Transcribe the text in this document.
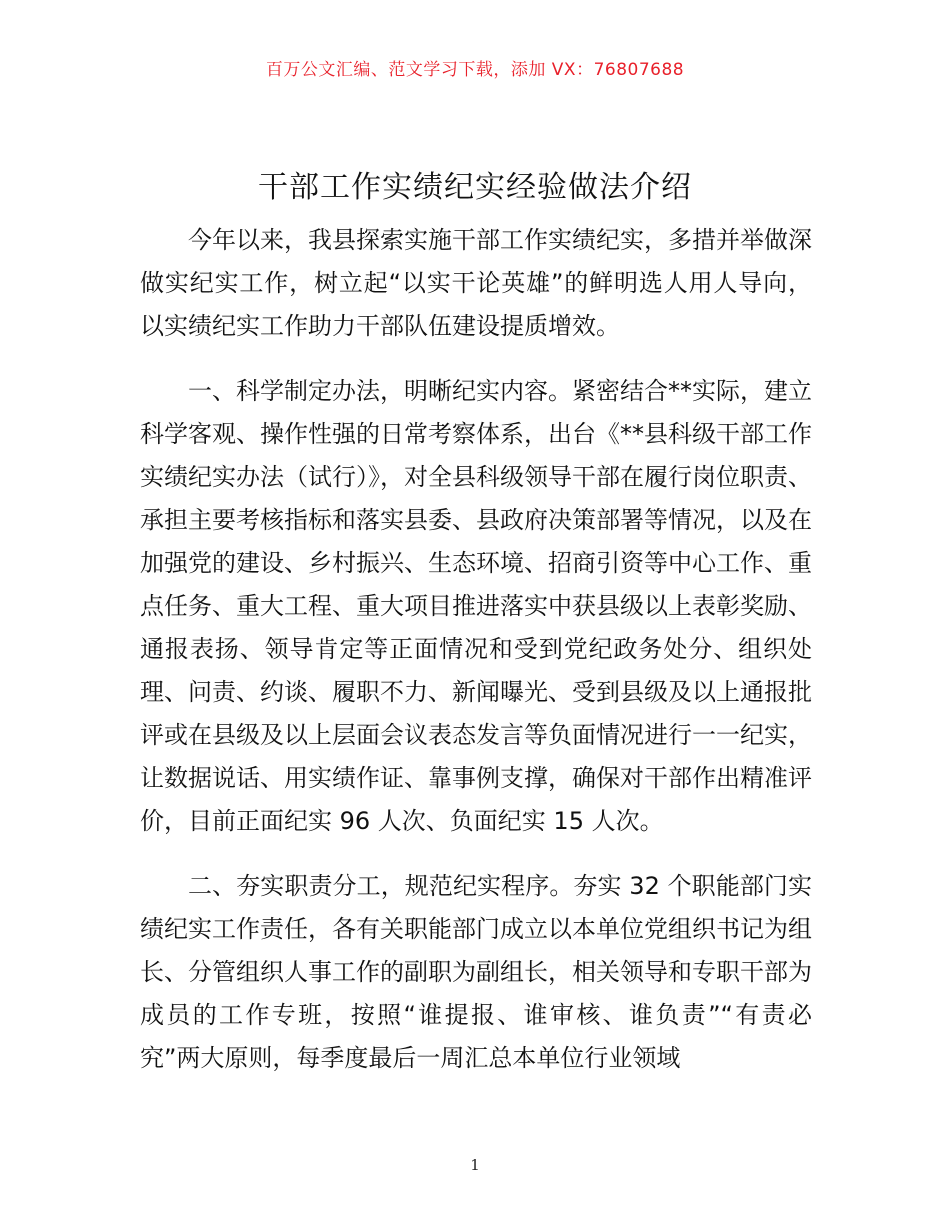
百万公文汇编、范文学习下载，添加 VX：76807688
干部工作实绩纪实经验做法介绍

今年以来，我县探索实施干部工作实绩纪实，多措并举做深做实纪实工作，树立起“以实干论英雄”的鲜明选人用人导向，以实绩纪实工作助力干部队伍建设提质增效。

一、科学制定办法，明晰纪实内容。紧密结合**实际，建立科学客观、操作性强的日常考察体系，出台《**县科级干部工作实绩纪实办法（试行）》，对全县科级领导干部在履行岗位职责、承担主要考核指标和落实县委、县政府决策部署等情况，以及在加强党的建设、乡村振兴、生态环境、招商引资等中心工作、重点任务、重大工程、重大项目推进落实中获县级以上表彰奖励、通报表扬、领导肯定等正面情况和受到党纪政务处分、组织处理、问责、约谈、履职不力、新闻曝光、受到县级及以上通报批评或在县级及以上层面会议表态发言等负面情况进行一一纪实，让数据说话、用实绩作证、靠事例支撑，确保对干部作出精准评价，目前正面纪实 96 人次、负面纪实 15 人次。

二、夯实职责分工，规范纪实程序。夯实 32 个职能部门实绩纪实工作责任，各有关职能部门成立以本单位党组织书记为组长、分管组织人事工作的副职为副组长，相关领导和专职干部为成员的工作专班，按照“谁提报、谁审核、谁负责”“有责必究”两大原则，每季度最后一周汇总本单位行业领域

1
